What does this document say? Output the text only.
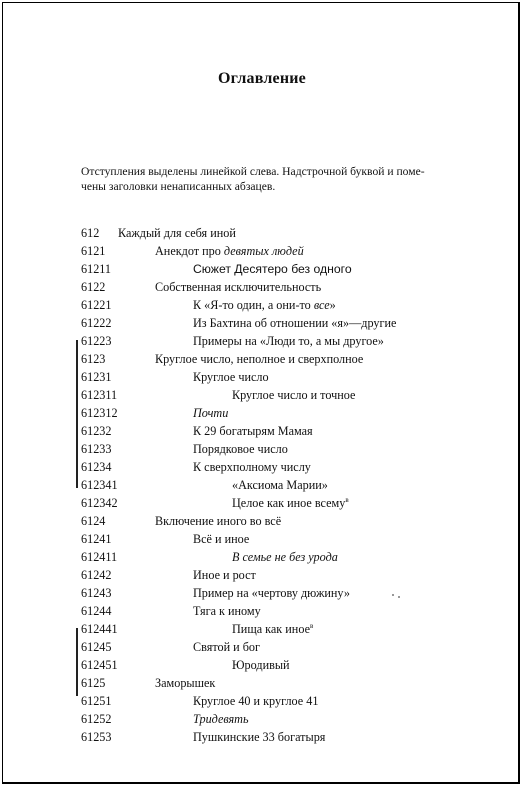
Оглавление
Отступления выделены линейкой слева. Надстрочной буквой и поме-чены заголовки ненаписанных абзацев.
612 Каждый для себя иной
6121	Анекдот про девятых людей
61211	Сюжет Десятеро без одного
6122	Собственная исключительность
61221	К «Я-то один, а они-то все»
61222	Из Бахтина об отношении «я»—другие
61223	Примеры на «Люди то, а мы другое»
6123	Круглое число, неполное и сверхполное
61231	Круглое число
612311	Круглое число и точное
612312	Почти
61232	К 29 богатырям Мамая
61233	Порядковое число
61234	К сверхполному числу
612341	«Аксиома Марии»
612342	Целое как иное всему$^в$
6124	Включение иного во всё
61241	Всё и иное
612411	В семье не без урода
61242	Иное и рост
61243	Пример на «чертову дюжину»
61244	Тяга к иному
612441	Пища как иное$^в$
61245	Святой и бог
612451	Юродивый
6125	Заморышек
61251	Круглое 40 и круглое 41
61252	Тридевять
61253	Пушкинские 33 богатыря
